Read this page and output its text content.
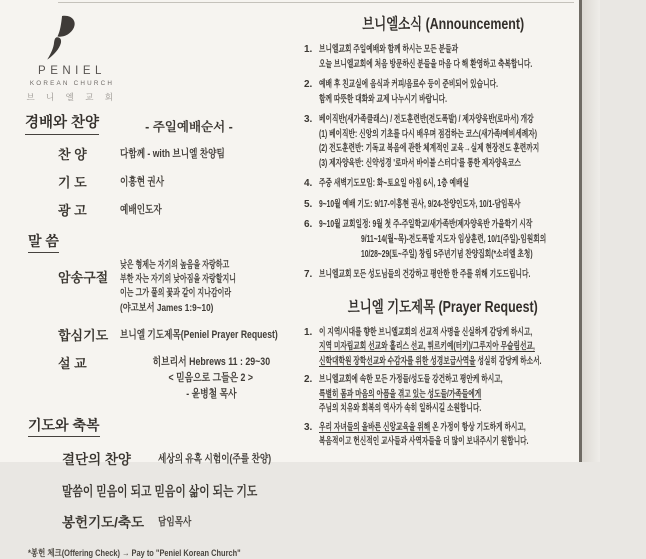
PENIEL
KOREAN CHURCH
브 니 엘 교 회
경배와 찬양	- 주일예배순서 -
찬 양	다함께 - with 브니엘 찬양팀
기 도	이흥현 권사
광 고	예배인도자
말 씀
암송구절
낮은 형제는 자기의 높음을 자랑하고
부한 자는 자기의 낮아짐을 자랑할지니
이는 그가 풀의 꽃과 같이 지나감이라
(야고보서 James 1:9~10)
합심기도	브니엘 기도제목(Peniel Prayer Request)
설 교	히브리서 Hebrews 11 : 29~30
< 믿음으로 그들은 2 >
- 윤병철 목사
기도와 축복
결단의 찬양	세상의 유혹 시험이(주를 찬양)
말씀이 믿음이 되고 믿음이 삶이 되는 기도
봉헌기도/축도	담임목사
*봉헌 체크(Offering Check) → Pay to "Peniel Korean Church"
브니엘소식 (Announcement)
1. 브니엘교회 주일예배와 함께 하시는 모든 분들과
오늘 브니엘교회에 처음 방문하신 분들을 마음 다 해 환영하고 축복합니다.
2. 예배 후 친교실에 음식과 커피/음료수 등이 준비되어 있습니다.
함께 따뜻한 대화와 교제 나누시기 바랍니다.
3. 베이직반(새가족클래스) / 전도훈련반(전도폭발) / 제자양육반(로마서) 개강
(1) 베이직반: 신앙의 기초를 다시 배우며 점검하는 코스(새가족/예비세례자)
(2) 전도훈련반: 기독교 복음에 관한 체계적인 교육→실제 현장전도 훈련까지
(3) 제자양육반: 신약성경 '로마서 바이블 스터디'를 통한 제자양육코스
4. 주중 새벽기도모임: 화~토요일 아침 6시, 1층 예배실
5. 9~10월 예배 기도: 9/17-이흥현 권사, 9/24-찬양인도자, 10/1-담임목사
6. 9~10월 교회일정: 9월 첫 주-주일학교/새가족반/제자양육반 가을학기 시작
9/11~14(월~목)-전도폭발 지도자 임상훈련, 10/1(주일)-임원회의
10/28~29(토~주일) 창립 5주년기념 찬양집회(*소리엘 초청)
7. 브니엘교회 모든 성도님들의 건강하고 평안한 한 주를 위해 기도드립니다.
브니엘 기도제목 (Prayer Request)
1. 이 지역/시대를 향한 브니엘교회의 선교적 사명을 신실하게 감당케 하시고,
지역 미자립교회 선교와 홀리스 선교, 튀르키예(터키)/그루지아 무슬림선교,
신학대학원 장학선교와 수감자를 위한 성경보급사역을 성실히 감당케 하소서.
2. 브니엘교회에 속한 모든 가정들/성도들 강건하고 평안케 하시고,
특별히 몸과 마음의 아픔을 겪고 있는 성도들/가족들에게
주님의 치유와 회복의 역사가 속히 일하시길 소원합니다.
3. 우리 자녀들의 올바른 신앙교육을 위해 온 가정이 항상 기도하게 하시고,
복음적이고 헌신적인 교사들과 사역자들을 더 많이 보내주시기 원합니다.
